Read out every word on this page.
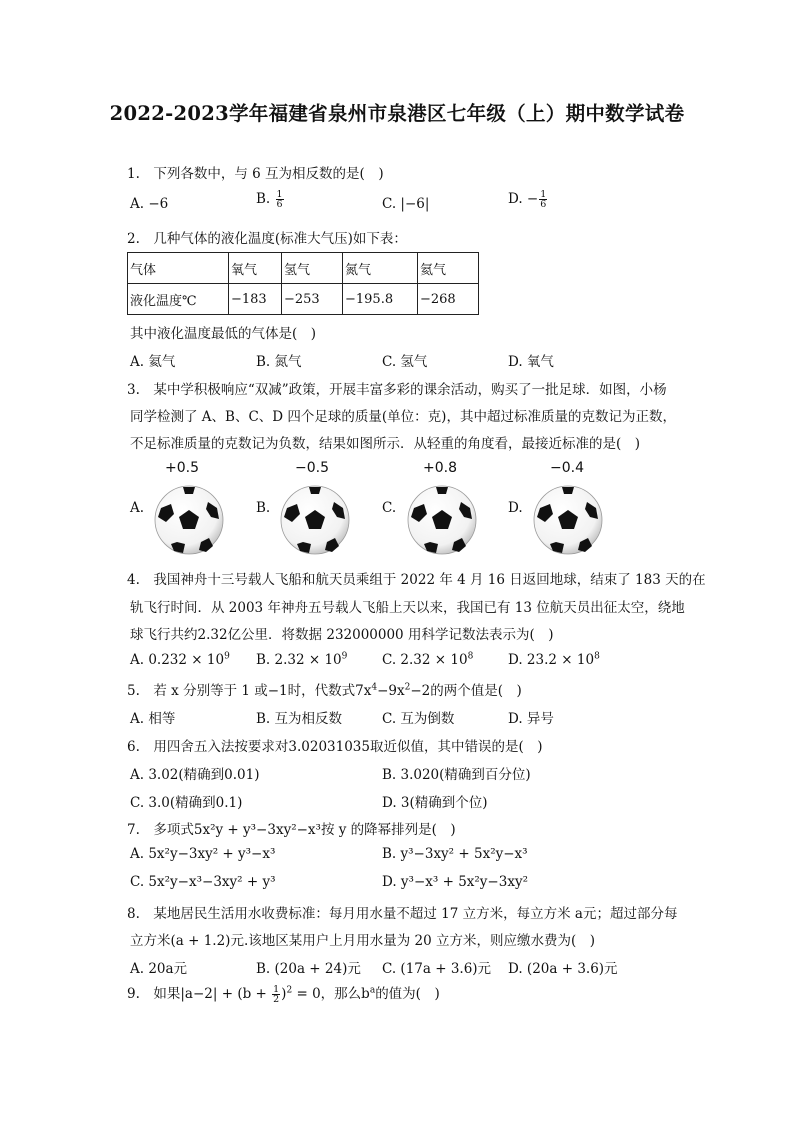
2022-2023学年福建省泉州市泉港区七年级（上）期中数学试卷
1.　下列各数中，与 6 互为相反数的是(　)
A. −6	B. $\frac{1}{6}$	C. |−6|	D. − $\frac{1}{6}$
2.　几种气体的液化温度(标准大气压)如下表：
气体	氧气	氢气	氮气	氦气
液化温度℃	−183	−253	−195.8	−268
其中液化温度最低的气体是(　)
A. 氦气	B. 氮气	C. 氢气	D. 氧气
3.　某中学积极响应“双减”政策，开展丰富多彩的课余活动，购买了一批足球．如图，小杨
同学检测了 A、B、C、D 四个足球的质量(单位：克)，其中超过标准质量的克数记为正数，
不足标准质量的克数记为负数，结果如图所示．从轻重的角度看，最接近标准的是(　)
+0.5	−0.5	+0.8	−0.4
A.	B.	C.	D.
4.　我国神舟十三号载人飞船和航天员乘组于 2022 年 4 月 16 日返回地球，结束了 183 天的在
轨飞行时间．从 2003 年神舟五号载人飞船上天以来，我国已有 13 位航天员出征太空，绕地
球飞行共约2.32亿公里．将数据 232000000 用科学记数法表示为(　)
A. $0.232 \times 10^9$ B. $2.32 \times 10^9$	C. $2.32 \times 10^8$	D. $23.2 \times 10^8$
5.　若 x 分别等于 1 或−1时，代数式$7x^4-9x^2-2$的两个值是(　)
A. 相等	B. 互为相反数	C. 互为倒数	D. 异号
6.　用四舍五入法按要求对3.02031035取近似值，其中错误的是(　)
A. 3.02(精确到0.01)	B. 3.020(精确到百分位)
C. 3.0(精确到0.1)	D. 3(精确到个位)
7.　多项式5x²y + y³−3xy²−x³按 y 的降幂排列是(　)
A. 5x²y−3xy² + y³−x³	B. y³−3xy² + 5x²y−x³
C. 5x²y−x³−3xy² + y³	D. y³−x³ + 5x²y−3xy²
8.　某地居民生活用水收费标准：每月用水量不超过 17 立方米，每立方米 a元；超过部分每
立方米(a + 1.2)元.该地区某用户上月用水量为 20 立方米，则应缴水费为(　)
A. 20a元	B. (20a + 24)元 C. (17a + 3.6)元 D. (20a + 3.6)元
9.　如果$|a-2| + (b + \frac{1}{2} )^2 = 0$，那么$b^a$的值为(　)
